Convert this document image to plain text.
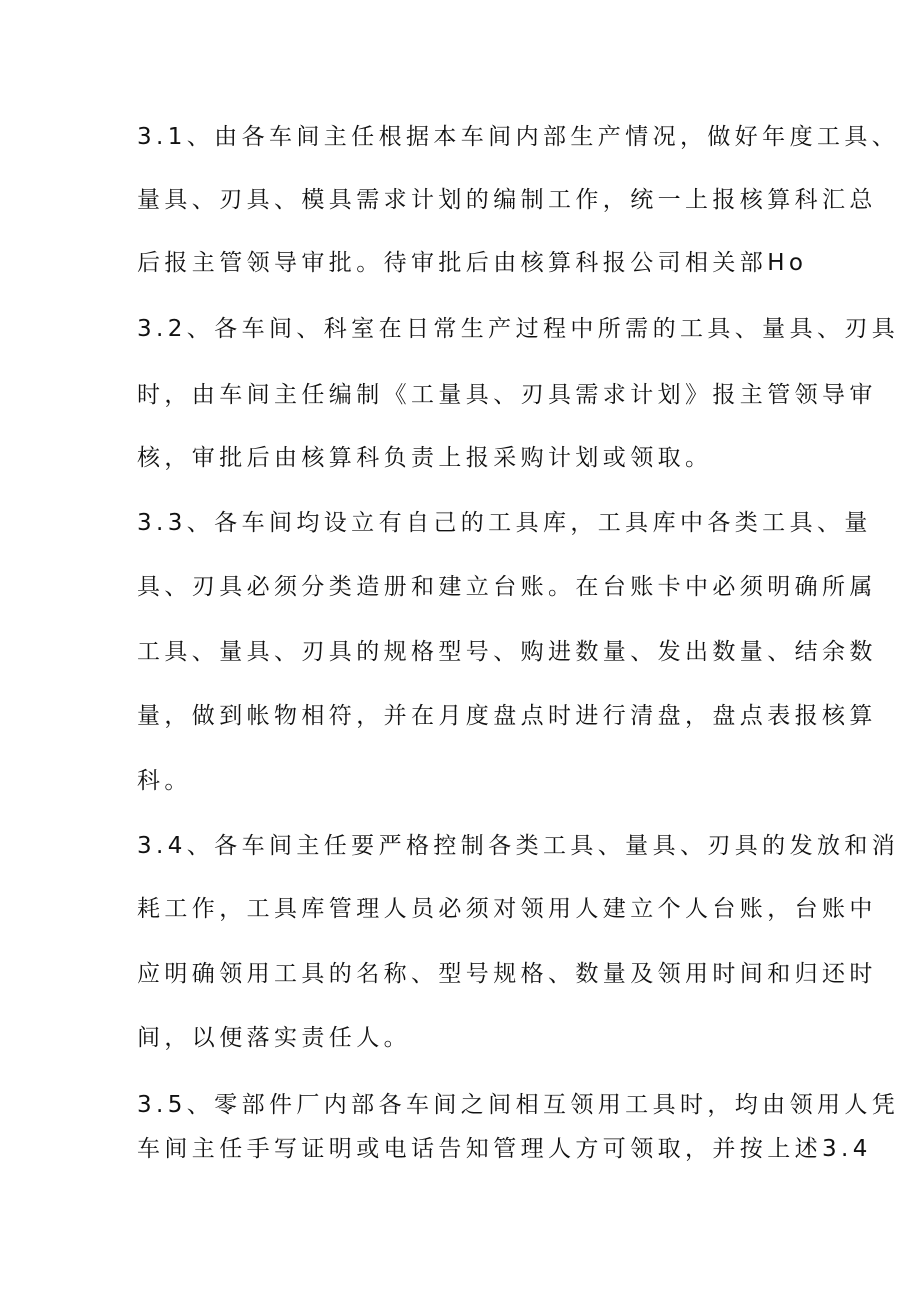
3.1、由各车间主任根据本车间内部生产情况，做好年度工具、
量具、刃具、模具需求计划的编制工作，统一上报核算科汇总
后报主管领导审批。待审批后由核算科报公司相关部Ho
3.2、各车间、科室在日常生产过程中所需的工具、量具、刃具
时，由车间主任编制《工量具、刃具需求计划》报主管领导审
核，审批后由核算科负责上报采购计划或领取。
3.3、各车间均设立有自己的工具库，工具库中各类工具、量
具、刃具必须分类造册和建立台账。在台账卡中必须明确所属
工具、量具、刃具的规格型号、购进数量、发出数量、结余数
量，做到帐物相符，并在月度盘点时进行清盘，盘点表报核算
科。
3.4、各车间主任要严格控制各类工具、量具、刃具的发放和消
耗工作，工具库管理人员必须对领用人建立个人台账，台账中
应明确领用工具的名称、型号规格、数量及领用时间和归还时
间，以便落实责任人。
3.5、零部件厂内部各车间之间相互领用工具时，均由领用人凭
车间主任手写证明或电话告知管理人方可领取，并按上述3.4
